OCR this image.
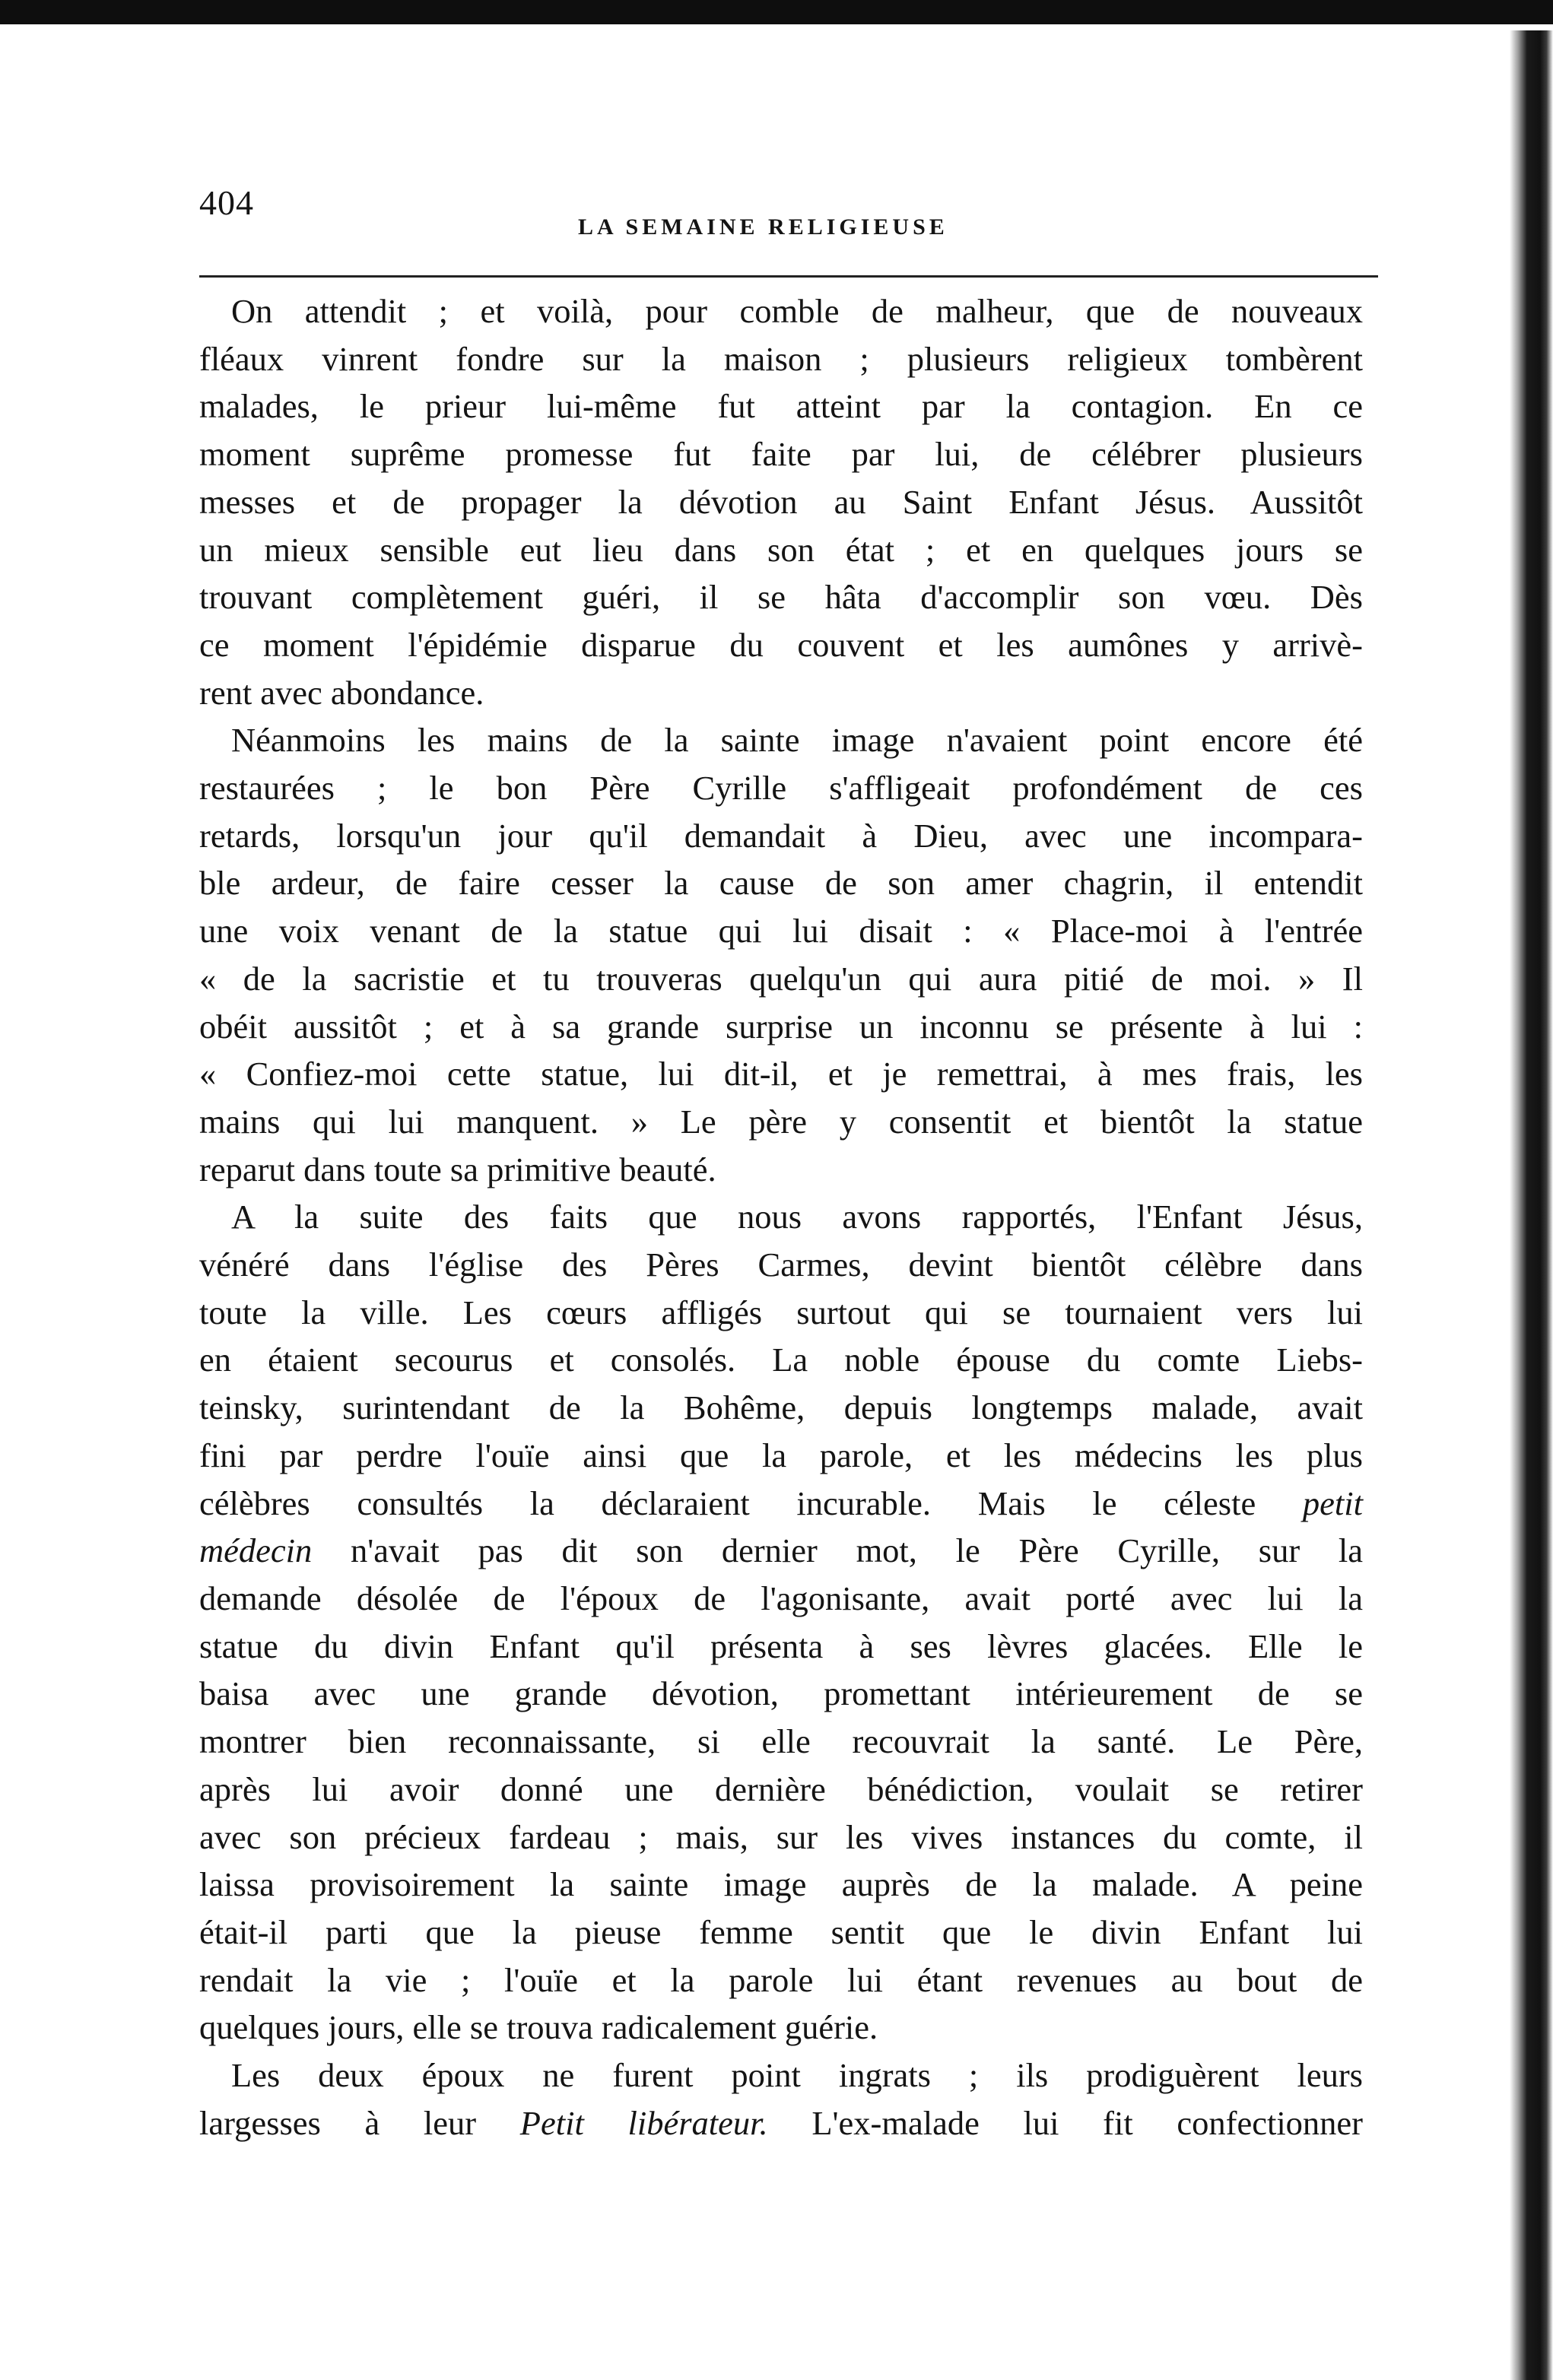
404
LA SEMAINE RELIGIEUSE

On attendit ; et voilà, pour comble de malheur, que de nouveaux
fléaux vinrent fondre sur la maison ; plusieurs religieux tombèrent
malades, le prieur lui-même fut atteint par la contagion. En ce
moment suprême promesse fut faite par lui, de célébrer plusieurs
messes et de propager la dévotion au Saint Enfant Jésus. Aussitôt
un mieux sensible eut lieu dans son état ; et en quelques jours se
trouvant complètement guéri, il se hâta d'accomplir son vœu. Dès
ce moment l'épidémie disparue du couvent et les aumônes y arrivè-

rent avec abondance.

Néanmoins les mains de la sainte image n'avaient point encore été
restaurées ; le bon Père Cyrille s'affligeait profondément de ces
retards, lorsqu'un jour qu'il demandait à Dieu, avec une incompara-
ble ardeur, de faire cesser la cause de son amer chagrin, il entendit
une voix venant de la statue qui lui disait : « Place-moi à l'entrée
« de la sacristie et tu trouveras quelqu'un qui aura pitié de moi. » Il
obéit aussitôt ; et à sa grande surprise un inconnu se présente à lui :
« Confiez-moi cette statue, lui dit-il, et je remettrai, à mes frais, les
mains qui lui manquent. » Le père y consentit et bientôt la statue

reparut dans toute sa primitive beauté.

A la suite des faits que nous avons rapportés, l'Enfant Jésus,
vénéré dans l'église des Pères Carmes, devint bientôt célèbre dans
toute la ville. Les cœurs affligés surtout qui se tournaient vers lui
en étaient secourus et consolés. La noble épouse du comte Liebs-
teinsky, surintendant de la Bohême, depuis longtemps malade, avait
fini par perdre l'ouïe ainsi que la parole, et les médecins les plus
célèbres consultés la déclaraient incurable. Mais le céleste petit
médecin n'avait pas dit son dernier mot, le Père Cyrille, sur la
demande désolée de l'époux de l'agonisante, avait porté avec lui la
statue du divin Enfant qu'il présenta à ses lèvres glacées. Elle le
baisa avec une grande dévotion, promettant intérieurement de se
montrer bien reconnaissante, si elle recouvrait la santé. Le Père,
après lui avoir donné une dernière bénédiction, voulait se retirer
avec son précieux fardeau ; mais, sur les vives instances du comte, il
laissa provisoirement la sainte image auprès de la malade. A peine
était-il parti que la pieuse femme sentit que le divin Enfant lui
rendait la vie ; l'ouïe et la parole lui étant revenues au bout de

quelques jours, elle se trouva radicalement guérie.

Les deux époux ne furent point ingrats ; ils prodiguèrent leurs
largesses à leur Petit libérateur. L'ex-malade lui fit confectionner
